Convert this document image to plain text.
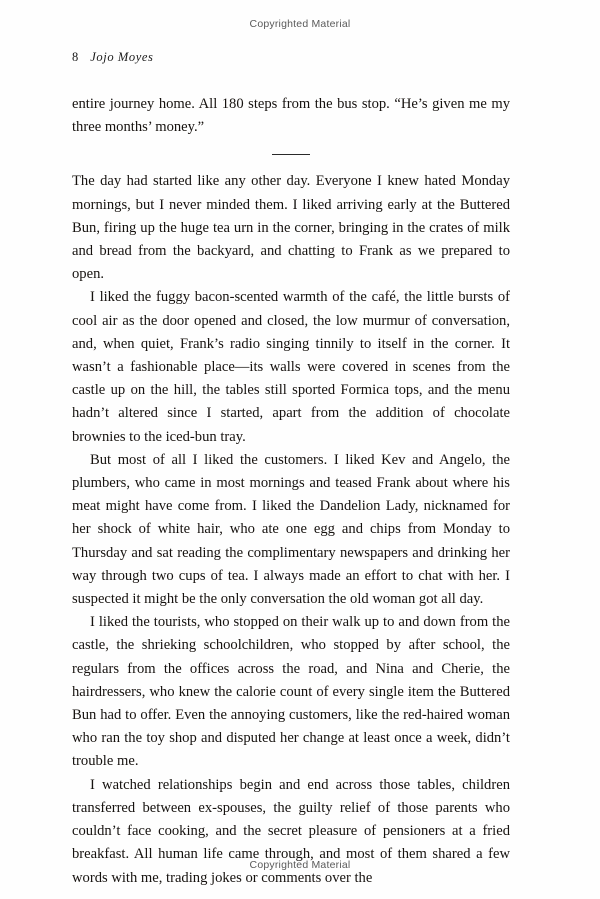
Copyrighted Material
8 Jojo Moyes

entire journey home. All 180 steps from the bus stop. “He’s given me my three months’ money.”

The day had started like any other day. Everyone I knew hated Monday mornings, but I never minded them. I liked arriving early at the Buttered Bun, firing up the huge tea urn in the corner, bringing in the crates of milk and bread from the backyard, and chatting to Frank as we prepared to open.

I liked the fuggy bacon-scented warmth of the café, the little bursts of cool air as the door opened and closed, the low murmur of conversation, and, when quiet, Frank’s radio singing tinnily to itself in the corner. It wasn’t a fashionable place—its walls were covered in scenes from the castle up on the hill, the tables still sported Formica tops, and the menu hadn’t altered since I started, apart from the addition of chocolate brownies to the iced-bun tray.

But most of all I liked the customers. I liked Kev and Angelo, the plumbers, who came in most mornings and teased Frank about where his meat might have come from. I liked the Dandelion Lady, nicknamed for her shock of white hair, who ate one egg and chips from Monday to Thursday and sat reading the complimentary newspapers and drinking her way through two cups of tea. I always made an effort to chat with her. I suspected it might be the only conversation the old woman got all day.

I liked the tourists, who stopped on their walk up to and down from the castle, the shrieking schoolchildren, who stopped by after school, the regulars from the offices across the road, and Nina and Cherie, the hairdressers, who knew the calorie count of every single item the Buttered Bun had to offer. Even the annoying customers, like the red-haired woman who ran the toy shop and disputed her change at least once a week, didn’t trouble me.

I watched relationships begin and end across those tables, children transferred between ex-spouses, the guilty relief of those parents who couldn’t face cooking, and the secret pleasure of pensioners at a fried breakfast. All human life came through, and most of them shared a few words with me, trading jokes or comments over the

Copyrighted Material
